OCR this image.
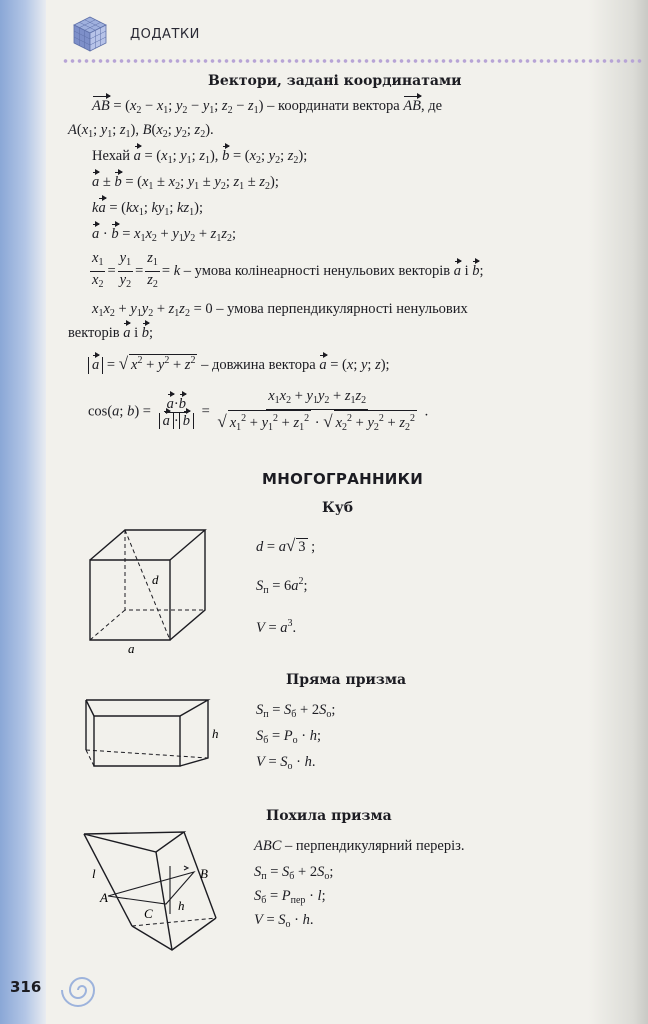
ДОДАТКИ
Вектори, задані координатами
AB = ($x_2 - x_1$; $y_2 - y_1$; $z_2 - z_1$) – координати вектора AB, де
$A(x_1$; $y_1$; $z_1$), $B(x_2$; $y_2$; $z_2$).
Нехай $a = (x_1$; $y_1$; $z_1$), $b = (x_2$; $y_2$; $z_2$);
$a \pm b = (x_1 \pm x_2$; $y_1 \pm y_2$; $z_1 \pm z_2$);
ka = ($kx_1$; $ky_1$; $kz_1$);
$a \cdot b = x_1x_2 + y_1y_2 + z_1z_2$;
$\frac{x_1}{x_2} = \frac{y_1}{y_2} = \frac{z_1}{z_2} = k$ – умова колінеарності ненульових векторів a і b;
$x_1x_2 + y_1y_2 + z_1z_2 = 0$ – умова перпендикулярності ненульових
векторів a і b;
a = √ $x^2 + y^2 + z^2$ – довжина вектора a = (x; y; z);
cos(a; $b) = \frac{a\cdot b}{a \cdot b} = \frac{x_1x_2 + y_1y_2 + z_1z_2}{√ x_1^2 + y_1^2 + z_1^2 \cdot √ x_2^2 + y_2^2 + z_2^2}$ .
МНОГОГРАННИКИ
Куб
d
a
d = a√ 3 ;
$S_п = 6a^2$;
$V = a^3$.
Пряма призма
h
$S_п = S_б + 2S_о$;
$S_б = P_о \cdot h$;
$V = S_о \cdot h$.
Похила призма
l
A
B
C
h
ABC – перпендикулярний переріз.
$S_п = S_б + 2S_о$;
$S_б = P_{пер} \cdot l$;
$V = S_о \cdot h$.
316
